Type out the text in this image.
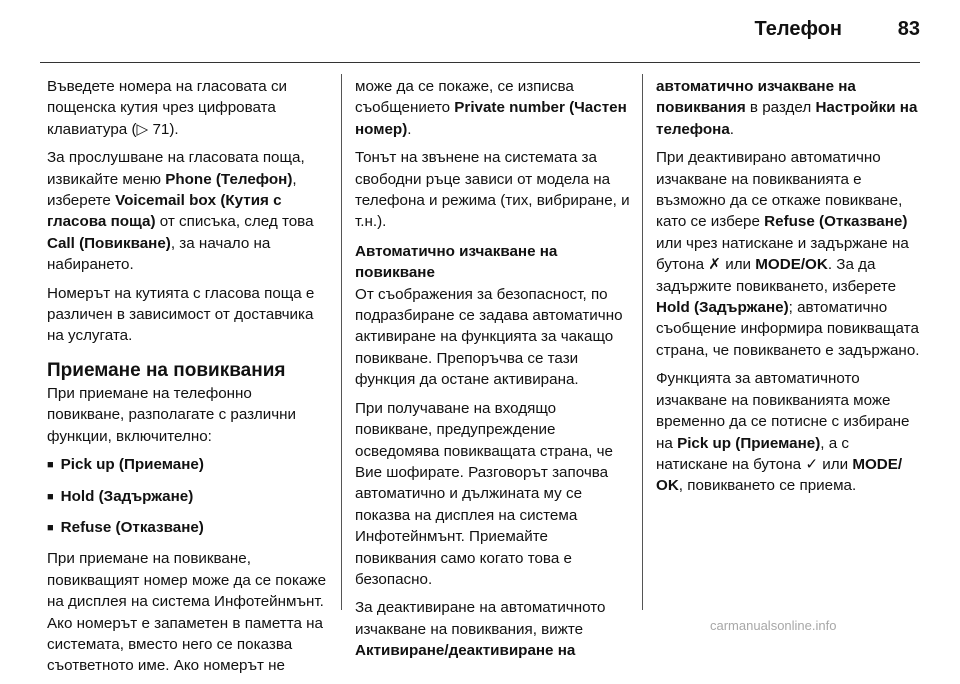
Телефон	83

Въведете номера на гласовата си пощенска кутия чрез цифровата клавиатура (▷ 71).

За прослушване на гласовата поща, извикайте меню Phone (Телефон), изберете Voicemail box (Кутия с гласова поща) от списъка, след това Call (Повикване), за начало на набирането.

Номерът на кутията с гласова поща е различен в зависимост от доставчика на услугата.

Приемане на повиквания

При приемане на телефонно повикване, разполагате с различни функции, включително:

■ Pick up (Приемане)
■ Hold (Задържане)
■ Refuse (Отказване)

При приемане на повикване, повикващият номер може да се покаже на дисплея на система Инфотейнмънт. Ако номерът е запаметен в паметта на системата, вместо него се показва съответното име. Ако номерът не

може да се покаже, се изписва съобщението Private number (Частен номер).

Тонът на звънене на системата за свободни ръце зависи от модела на телефона и режима (тих, вибриране, и т.н.).

Автоматично изчакване на повикване

От съображения за безопасност, по подразбиране се задава автоматично активиране на функцията за чакащо повикване. Препоръчва се тази функция да остане активирана.

При получаване на входящо повикване, предупреждение осведомява повикващата страна, че Вие шофирате. Разговорът започва автоматично и дължината му се показва на дисплея на система Инфотейнмънт. Приемайте повиквания само когато това е безопасно.

За деактивиране на автоматичното изчакване на повиквания, вижте Активиране/деактивиране на

автоматично изчакване на повиквания в раздел Настройки на телефона.

При деактивирано автоматично изчакване на повикванията е възможно да се откаже повикване, като се избере Refuse (Отказване) или чрез натискане и задържане на бутона ✗ или MODE/OK. За да задържите повикването, изберете Hold (Задържане); автоматично съобщение информира повикващата страна, че повикването е задържано.

Функцията за автоматичното изчакване на повикванията може временно да се потисне с избиране на Pick up (Приемане), а с натискане на бутона ✓ или MODE/ OK, повикването се приема.

carmanualsonline.info
